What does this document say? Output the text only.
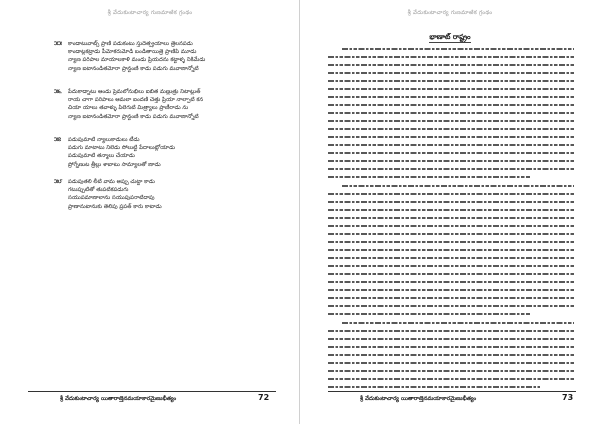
శ్రీ వేదుకుఁటాచార్య గుణమాఱిక గ్రంథం
౫౫ కాండాటువాట్స్ ప్రాణి పడుకంటు స్తుదెత్ప్రయాలు త్రెలనపడు
కాండాట్లకట్రాడు పీమోకరుమోడి బండితాయిత్రె ప్రాణిపి మూడు
న్యాణ పరిపాల మాయాలకాళి మండు ప్రియదను కట్టాళ్ళ నికిమేడు
న్యాణ ఐటానండితమోరా ప్రాన్టంణి కాడు పడుగు మవాణాన్నోటి
౫౬ పేదుకాడ్నాటు ఆండు ప్రెమలోనుభిలు ఐబిత మణ్లుత్రు నిటాట్లుత్
రాయ చాగా పరిపాలు ఆమలా ఐందణి చెత్తు ప్రియా నాల్పాటి కన
చియా యాలు తవాళ్ళు పిలెగుటి మిత్ర్యాలు ప్రాణీరాడు ను
న్యాణ ఐటానండితమోరా ప్రాన్టంణి కాడు పడుగు మవాణాన్నోటి
౫౭ పడుపుమాటి న్యాలుకాడులు టీడు
పడుగు మాటాటు నిలెడు సోలుట్టి పేదాలుట్లోయాడు
పడుపుమాటి తన్మాలు చేయాడు
ప్రోగ్నేణుట త్రీల్లు శాబాటు సామ్యాలతో ణాడు
౫౮ పడుపుతలి లీటి వామ అప్పు చుట్టా కాడు
గటుప్పుటితో తుపటికపడుగు
సయుపమాణాలాను సయుపుపరాటిదాపు
ప్రాణానుటానుకు తెలిపు ప్రపత్ కారు కాటాడు
శ్రీ వేదుకుఁటాచార్య యితారాణ్తెనమయాకారమైణుభీత్యం	72
శ్రీ వేదుకుఁటాచార్య గుణమాఱిక గ్రంథం
భాణాట్ రాష్ట్రం

శ్రీ వేదుకుఁటాచార్య యితారాణ్తెనమయాకారమైణుభీత్యం	73
